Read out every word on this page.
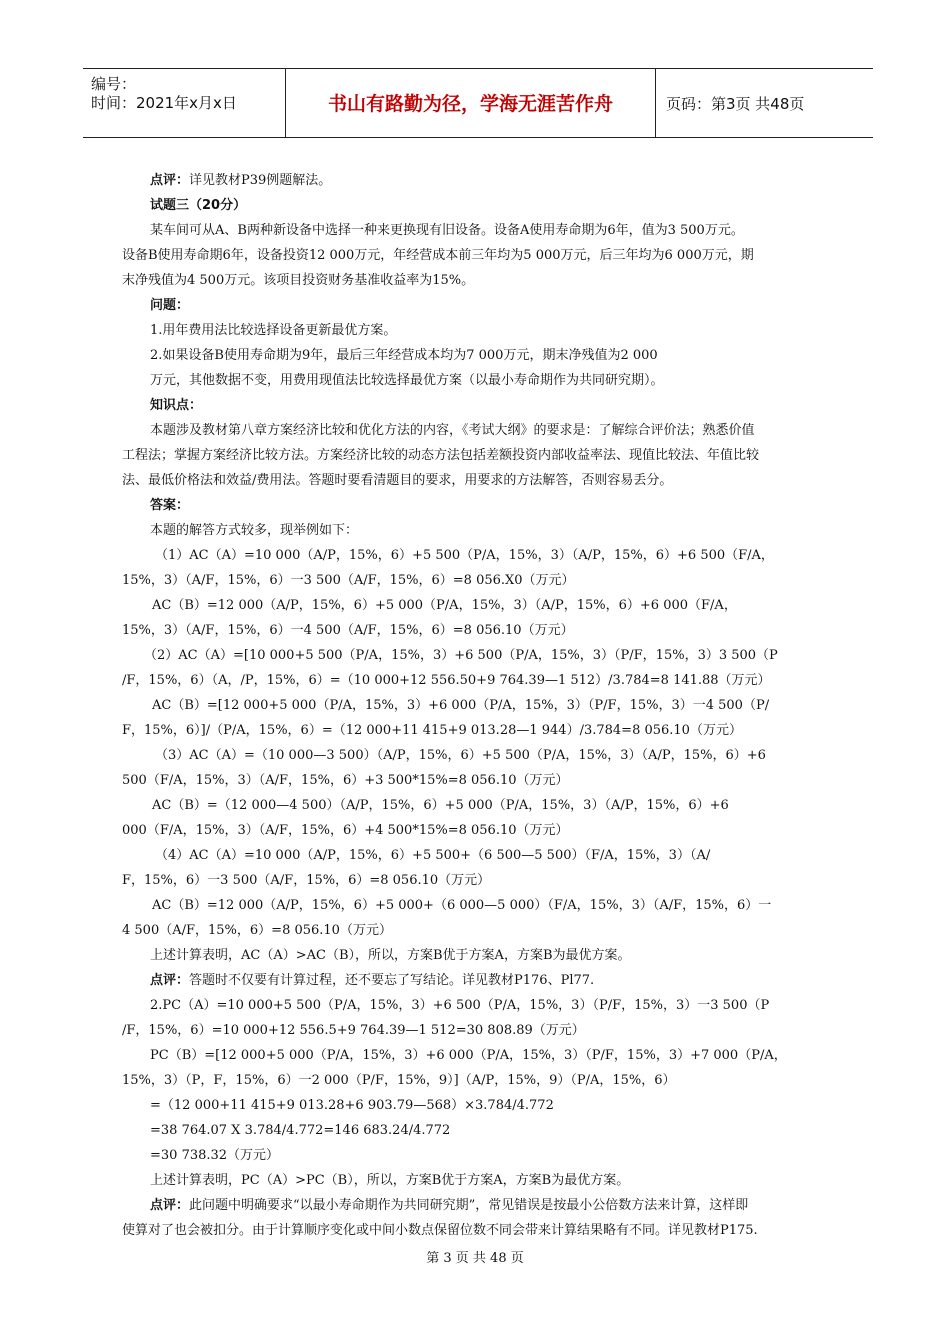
编号：
时间：2021年x月x日	书山有路勤为径，学海无涯苦作舟	页码：第3页 共48页
点评：详见教材P39例题解法。
试题三（20分）
某车间可从A、B两种新设备中选择一种来更换现有旧设备。设备A使用寿命期为6年，值为3 500万元。
设备B使用寿命期6年，设备投资12 000万元，年经营成本前三年均为5 000万元，后三年均为6 000万元，期
末净残值为4 500万元。该项目投资财务基准收益率为15%。
问题：
1.用年费用法比较选择设备更新最优方案。
2.如果设备B使用寿命期为9年，最后三年经营成本均为7 000万元，期末净残值为2 000
万元，其他数据不变，用费用现值法比较选择最优方案（以最小寿命期作为共同研究期）。
知识点：
本题涉及教材第八章方案经济比较和优化方法的内容，《考试大纲》的要求是：了解综合评价法；熟悉价值
工程法；掌握方案经济比较方法。方案经济比较的动态方法包括差额投资内部收益率法、现值比较法、年值比较
法、最低价格法和效益/费用法。答题时要看清题目的要求，用要求的方法解答，否则容易丢分。
答案：
本题的解答方式较多，现举例如下：
（1）AC（A）=10 000（A/P，15%，6）+5 500（P/A，15%，3）（A/P，15%，6）+6 500（F/A，
15%，3）（A/F，15%，6）一3 500（A/F，15%，6）=8 056.X0（万元）
AC（B）=12 000（A/P，15%，6）+5 000（P/A，15%，3）（A/P，15%，6）+6 000（F/A，
15%，3）（A/F，15%，6）一4 500（A/F，15%，6）=8 056.10（万元）
（2）AC（A）=[10 000+5 500（P/A，15%，3）+6 500（P/A，15%，3）（P/F，15%，3）3 500（P
/F，15%，6）（A，/P，15%，6）=（10 000+12 556.50+9 764.39—1 512）/3.784=8 141.88（万元）
AC（B）=[12 000+5 000（P/A，15%，3）+6 000（P/A，15%，3）（P/F，15%，3）一4 500（P/
F，15%，6）]/（P/A，15%，6）=（12 000+11 415+9 013.28—1 944）/3.784=8 056.10（万元）
（3）AC（A）=（10 000—3 500）（A/P，15%，6）+5 500（P/A，15%，3）（A/P，15%，6）+6
500（F/A，15%，3）（A/F，15%，6）+3 500*15%=8 056.10（万元）
AC（B）=（12 000—4 500）（A/P，15%，6）+5 000（P/A，15%，3）（A/P，15%，6）+6
000（F/A，15%，3）（A/F，15%，6）+4 500*15%=8 056.10（万元）
（4）AC（A）=10 000（A/P，15%，6）+5 500+（6 500—5 500）（F/A，15%，3）（A/
F，15%，6）一3 500（A/F，15%，6）=8 056.10（万元）
AC（B）=12 000（A/P，15%，6）+5 000+（6 000—5 000）（F/A，15%，3）（A/F，15%，6）一
4 500（A/F，15%，6）=8 056.10（万元）
上述计算表明，AC（A）>AC（B），所以，方案B优于方案A，方案B为最优方案。
点评：答题时不仅要有计算过程，还不要忘了写结论。详见教材P176、Pl77.
2.PC（A）=10 000+5 500（P/A，15%，3）+6 500（P/A，15%，3）（P/F，15%，3）一3 500（P
/F，15%，6）=10 000+12 556.5+9 764.39—1 512=30 808.89（万元）
PC（B）=[12 000+5 000（P/A，15%，3）+6 000（P/A，15%，3）（P/F，15%，3）+7 000（P/A，
15%，3）（P，F，15%，6）一2 000（P/F，15%，9）]（A/P，15%，9）（P/A，15%，6）
=（12 000+11 415+9 013.28+6 903.79—568）×3.784/4.772
=38 764.07 X 3.784/4.772=146 683.24/4.772
=30 738.32（万元）
上述计算表明，PC（A）>PC（B），所以，方案B优于方案A，方案B为最优方案。
点评：此问题中明确要求“以最小寿命期作为共同研究期”，常见错误是按最小公倍数方法来计算，这样即
使算对了也会被扣分。由于计算顺序变化或中间小数点保留位数不同会带来计算结果略有不同。详见教材P175.
第 3 页 共 48 页
